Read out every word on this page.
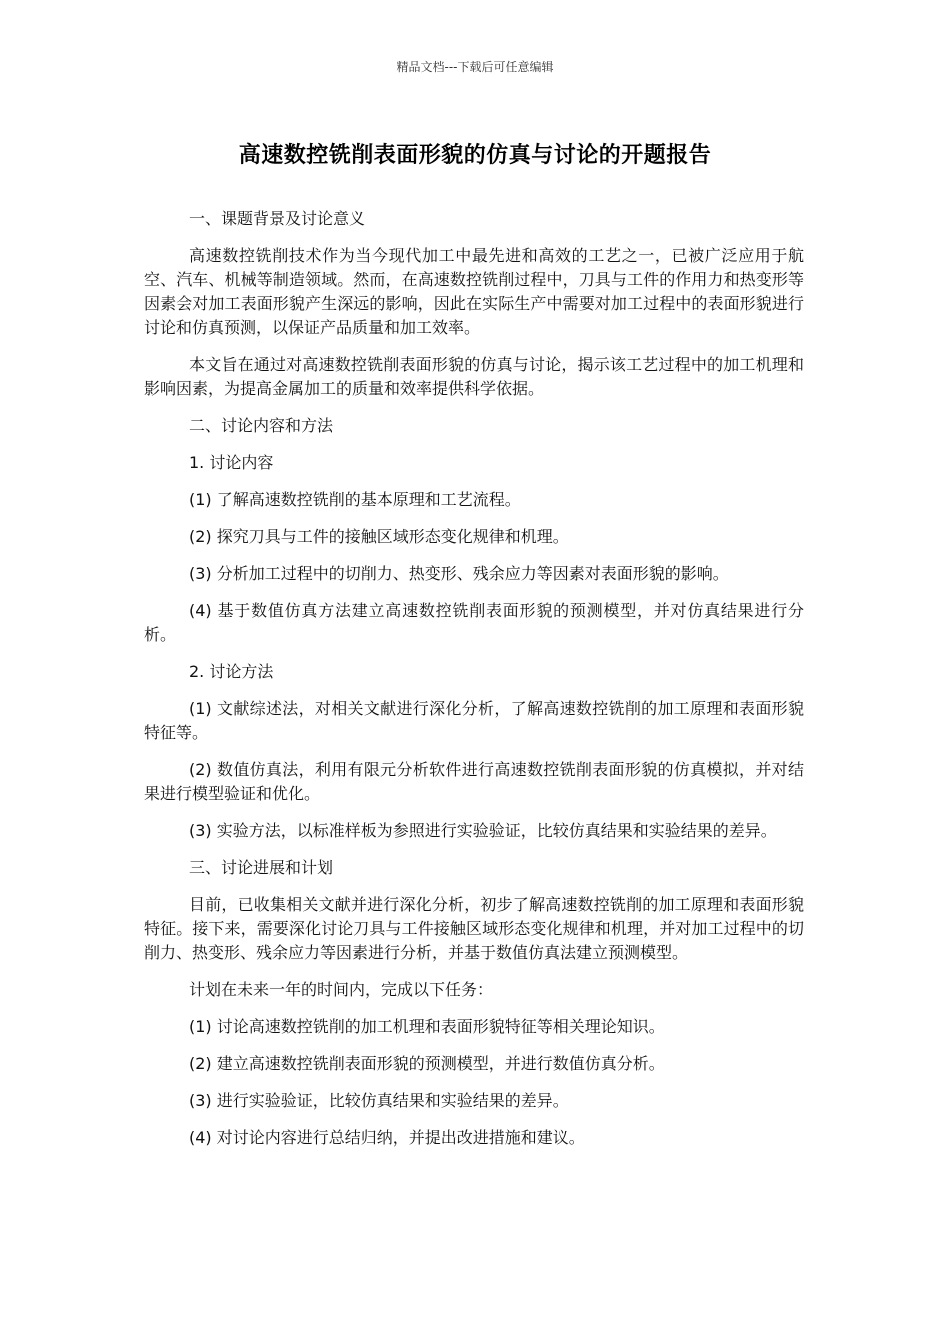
精品文档---下载后可任意编辑
高速数控铣削表面形貌的仿真与讨论的开题报告

一、课题背景及讨论意义

高速数控铣削技术作为当今现代加工中最先进和高效的工艺之一，已被广泛应用于航空、汽车、机械等制造领域。然而，在高速数控铣削过程中，刀具与工件的作用力和热变形等因素会对加工表面形貌产生深远的影响，因此在实际生产中需要对加工过程中的表面形貌进行讨论和仿真预测，以保证产品质量和加工效率。

本文旨在通过对高速数控铣削表面形貌的仿真与讨论，揭示该工艺过程中的加工机理和影响因素，为提高金属加工的质量和效率提供科学依据。

二、讨论内容和方法

1. 讨论内容

(1) 了解高速数控铣削的基本原理和工艺流程。

(2) 探究刀具与工件的接触区域形态变化规律和机理。

(3) 分析加工过程中的切削力、热变形、残余应力等因素对表面形貌的影响。

(4) 基于数值仿真方法建立高速数控铣削表面形貌的预测模型，并对仿真结果进行分析。

2. 讨论方法

(1) 文献综述法，对相关文献进行深化分析，了解高速数控铣削的加工原理和表面形貌特征等。

(2) 数值仿真法，利用有限元分析软件进行高速数控铣削表面形貌的仿真模拟，并对结果进行模型验证和优化。

(3) 实验方法，以标准样板为参照进行实验验证，比较仿真结果和实验结果的差异。

三、讨论进展和计划

目前，已收集相关文献并进行深化分析，初步了解高速数控铣削的加工原理和表面形貌特征。接下来，需要深化讨论刀具与工件接触区域形态变化规律和机理，并对加工过程中的切削力、热变形、残余应力等因素进行分析，并基于数值仿真法建立预测模型。

计划在未来一年的时间内，完成以下任务：

(1) 讨论高速数控铣削的加工机理和表面形貌特征等相关理论知识。

(2) 建立高速数控铣削表面形貌的预测模型，并进行数值仿真分析。

(3) 进行实验验证，比较仿真结果和实验结果的差异。

(4) 对讨论内容进行总结归纳，并提出改进措施和建议。
